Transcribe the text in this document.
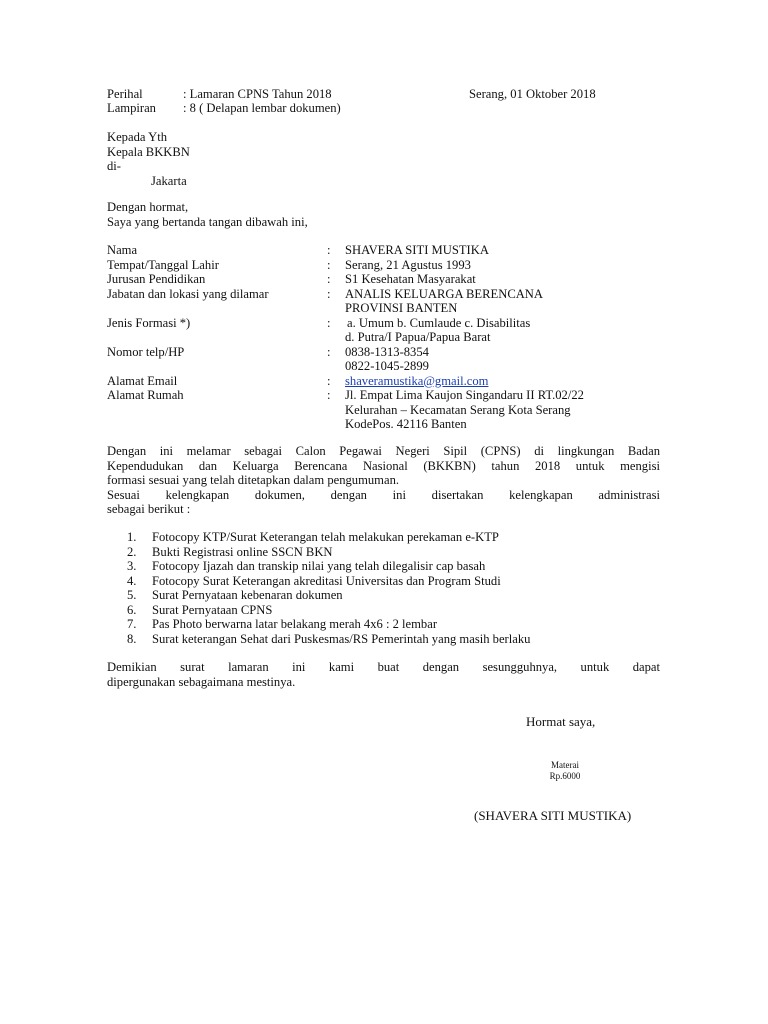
Perihal	: Lamaran CPNS Tahun 2018	Serang, 01 Oktober 2018
Lampiran : 8 ( Delapan lembar dokumen)
Kepada Yth
Kepala BKKBN
di-
Jakarta
Dengan hormat,
Saya yang bertanda tangan dibawah ini,
Nama	: SHAVERA SITI MUSTIKA
Tempat/Tanggal Lahir	: Serang, 21 Agustus 1993
Jurusan Pendidikan	: S1 Kesehatan Masyarakat
Jabatan dan lokasi yang dilamar	: ANALIS KELUARGA BERENCANA
PROVINSI BANTEN
Jenis Formasi *)	: a. Umum b. Cumlaude c. Disabilitas
d. Putra/I Papua/Papua Barat
Nomor telp/HP	: 0838-1313-8354
0822-1045-2899
Alamat Email	: shaveramustika@gmail.com
Alamat Rumah	: Jl. Empat Lima Kaujon Singandaru II RT.02/22
Kelurahan – Kecamatan Serang Kota Serang
KodePos. 42116 Banten
Dengan ini melamar sebagai Calon Pegawai Negeri Sipil (CPNS) di lingkungan Badan
Kependudukan dan Keluarga Berencana Nasional (BKKBN) tahun 2018 untuk mengisi
formasi sesuai yang telah ditetapkan dalam pengumuman.
Sesuai kelengkapan dokumen, dengan ini disertakan kelengkapan administrasi
sebagai berikut :
1. Fotocopy KTP/Surat Keterangan telah melakukan perekaman e-KTP
2. Bukti Registrasi online SSCN BKN
3. Fotocopy Ijazah dan transkip nilai yang telah dilegalisir cap basah
4. Fotocopy Surat Keterangan akreditasi Universitas dan Program Studi
5. Surat Pernyataan kebenaran dokumen
6. Surat Pernyataan CPNS
7. Pas Photo berwarna latar belakang merah 4x6 : 2 lembar
8. Surat keterangan Sehat dari Puskesmas/RS Pemerintah yang masih berlaku
Demikian surat lamaran ini kami buat dengan sesungguhnya, untuk dapat
dipergunakan sebagaimana mestinya.
Hormat saya,
Materai
Rp.6000
(SHAVERA SITI MUSTIKA)
